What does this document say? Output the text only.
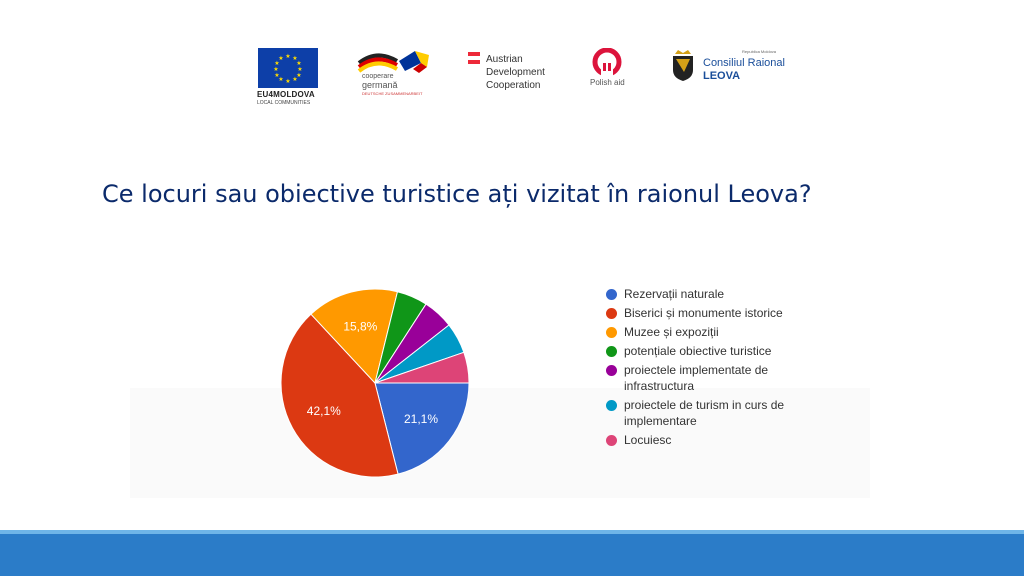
★ ★
★
★
★
★
★
★
★
★
★
★
EU4MOLDOVA
LOCAL COMMUNITIES
cooperare
germană
DEUTSCHE ZUSAMMENARBEIT
Austrian
Development
Cooperation	Polish aid
Republica Moldova
Consiliul Raional
LEOVA
Ce locuri sau obiective turistice ați vizitat în raionul Leova?
21,1%
42,1%
15,8%
Rezervații naturale
Biserici și monumente istorice
Muzee și expoziții
potențiale obiective turistice
proiectele implementate de infrastructura
proiectele de turism in curs de implementare
Locuiesc
